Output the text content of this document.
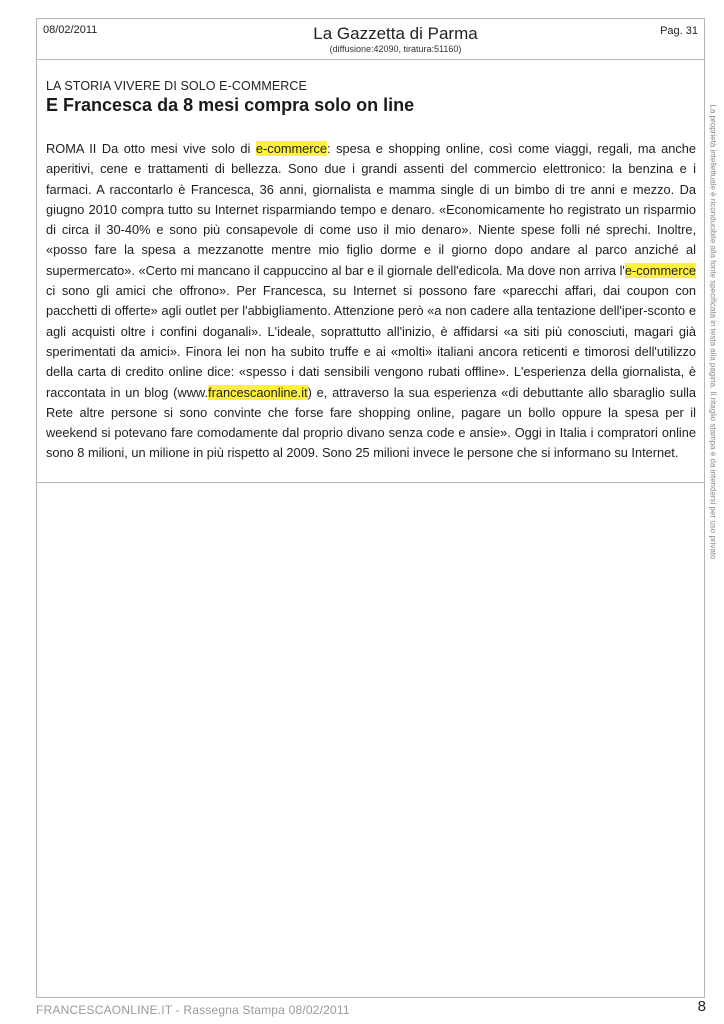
08/02/2011	La Gazzetta di Parma
(diffusione:42090, tiratura:51160)
Pag. 31
LA STORIA VIVERE DI SOLO E-COMMERCE
E Francesca da 8 mesi compra solo on line

ROMA II Da otto mesi vive solo di e-commerce: spesa e shopping online, così come viaggi, regali, ma anche aperitivi, cene e trattamenti di bellezza. Sono due i grandi assenti del commercio elettronico: la benzina e i farmaci. A raccontarlo è Francesca, 36 anni, giornalista e mamma single di un bimbo di tre anni e mezzo. Da giugno 2010 compra tutto su Internet risparmiando tempo e denaro. «Economicamente ho registrato un risparmio di circa il 30-40% e sono più consapevole di come uso il mio denaro». Niente spese folli né sprechi. Inoltre, «posso fare la spesa a mezzanotte mentre mio figlio dorme e il giorno dopo andare al parco anziché al supermercato». «Certo mi mancano il cappuccino al bar e il giornale dell'edicola. Ma dove non arriva l'e-commerce ci sono gli amici che offrono». Per Francesca, su Internet si possono fare «parecchi affari, dai coupon con pacchetti di offerte» agli outlet per l'abbigliamento. Attenzione però «a non cadere alla tentazione dell'iper-sconto e agli acquisti oltre i confini doganali». L'ideale, soprattutto all'inizio, è affidarsi «a siti più conosciuti, magari già sperimentati da amici». Finora lei non ha subito truffe e ai «molti» italiani ancora reticenti e timorosi dell'utilizzo della carta di credito online dice: «spesso i dati sensibili vengono rubati offline». L'esperienza della giornalista, è raccontata in un blog (www.francescaonline.it) e, attraverso la sua esperienza «di debuttante allo sbaraglio sulla Rete altre persone si sono convinte che forse fare shopping online, pagare un bollo oppure la spesa per il weekend si potevano fare comodamente dal proprio divano senza code e ansie». Oggi in Italia i compratori online sono 8 milioni, un milione in più rispetto al 2009. Sono 25 milioni invece le persone che si informano su Internet.	La proprietà intellettuale è riconducibile alla fonte specificata in testa alla pagina. Il ritaglio stampa è da intendersi per uso privato
FRANCESCAONLINE.IT - Rassegna Stampa 08/02/2011	8
